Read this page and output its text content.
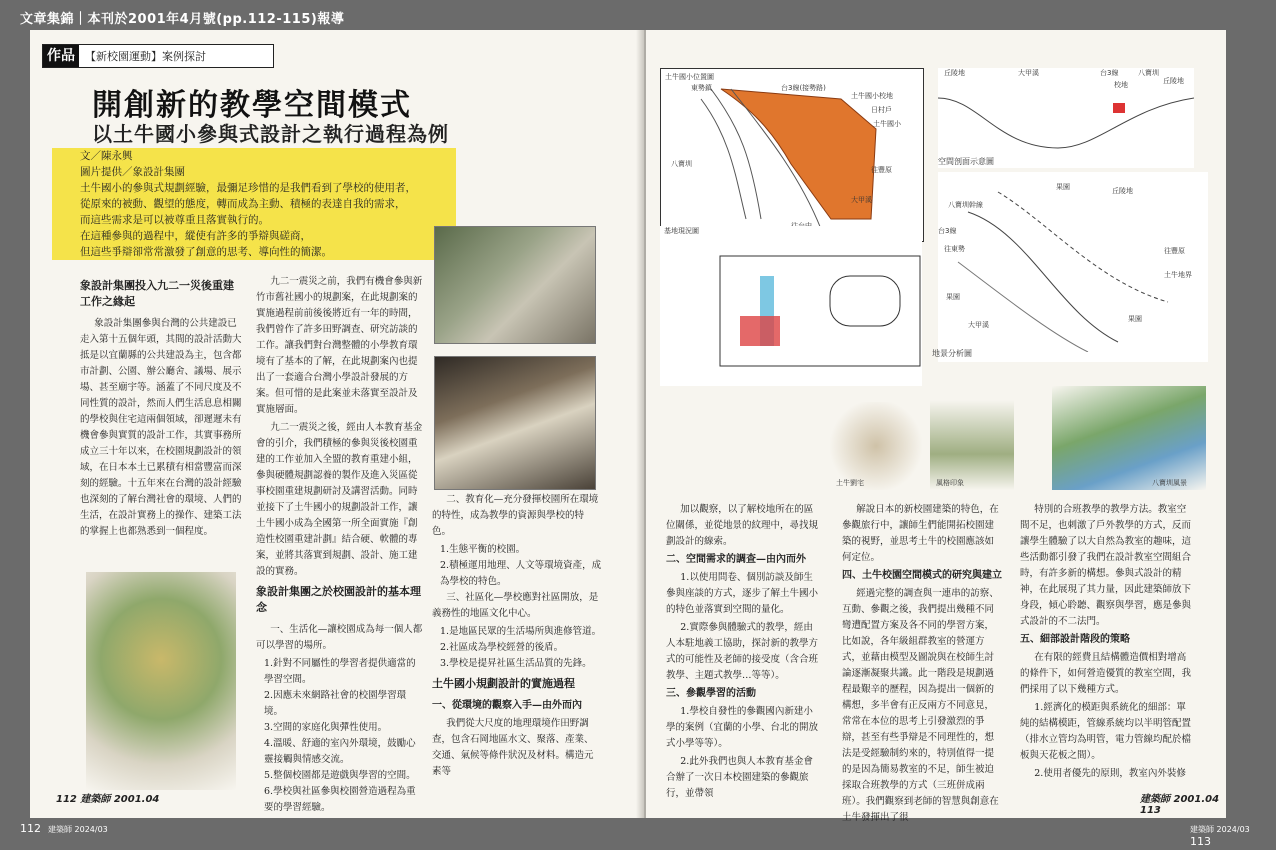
文章集錦｜本刊於2001年4月號(pp.112-115)報導
作品 【新校園運動】案例探討
開創新的教學空間模式
以土牛國小參與式設計之執行過程為例
文／陳永興
圖片提供／象設計集團
土牛國小的參與式規劃經驗，最彌足珍惜的是我們看到了學校的使用者，
從原來的被動、觀望的態度，轉而成為主動、積極的表達自我的需求，
而這些需求是可以被尊重且落實執行的。
在這種參與的過程中，縱使有許多的爭辯與磋商，
但這些爭辯卻常常激發了創意的思考、導向性的簡潔。
象設計集團投入九二一災後重建工作之緣起

象設計集團參與台灣的公共建設已走入第十五個年頭，其間的設計活動大抵是以宜蘭縣的公共建設為主，包含都市計劃、公園、辦公廳舍、議場、展示場、甚至廟宇等。涵蓋了不同尺度及不同性質的設計，然而人們生活息息相關的學校與住宅這兩個領域，卻遲遲未有機會參與實質的設計工作，其實事務所成立三十年以來，在校園規劃設計的領域，在日本本土已累積有相當豐富而深刻的經驗。十五年來在台灣的設計經驗也深刻的了解台灣社會的環境、人們的生活，在設計實務上的操作、建築工法的掌握上也都熟悉到一個程度。

九二一震災之前，我們有機會參與新竹市舊社國小的規劃案，在此規劃案的實施過程前前後後將近有一年的時間，我們曾作了許多田野調查、研究訪談的工作。讓我們對台灣整體的小學教育環境有了基本的了解，在此規劃案內也提出了一套適合台灣小學設計發展的方案。但可惜的是此案並未落實至設計及實施層面。

九二一震災之後，經由人本教育基金會的引介，我們積極的參與災後校園重建的工作並加入全盟的教育重建小組，參與硬體規劃認養的製作及進入災區從事校園重建規劃研討及講習活動。同時並接下了土牛國小的規劃設計工作，讓土牛國小成為全國第一所全面實施『創造性校園重建計劃』結合硬、軟體的專案，並將其落實到規劃、設計、施工建設的實務。

象設計集團之於校園設計的基本理念

一、生活化—讓校園成為每一個人都可以學習的場所。

1.針對不同屬性的學習者提供適當的學習空間。
2.因應未來網路社會的校園學習環境。
3.空間的家庭化與彈性使用。
4.溫暖、舒適的室內外環境，鼓勵心靈接觸與情感交流。
5.整個校園都是遊戲與學習的空間。
6.學校與社區參與校園營造過程為重要的學習經驗。

二、教育化—充分發揮校園所在環境的特性，成為教學的資源與學校的特色。

1.生態平衡的校園。
2.積極運用地理、人文等環境資產，成為學校的特色。

三、社區化—學校應對社區開放，是義務性的地區文化中心。

1.是地區民眾的生活場所與進修管道。
2.社區成為學校經營的後盾。
3.學校是提昇社區生活品質的先鋒。
土牛國小規劃設計的實施過程
一、從環境的觀察入手—由外而內

我們從大尺度的地理環境作田野調查，包含石岡地區水文、聚落、產業、交通、氣候等條件狀況及材料。構造元素等

112 建築師 2001.04
土牛國小位置圖
東勢鎮	台3線(接勢路)
土牛國小校地
日村戶
土牛國小
往豐原
大甲溪
八寶圳
丘陵地	大甲溪	台3線	八寶圳
丘陵地
校地
空間剖面示意圖
果園	丘陵地
八寶圳幹線
台3線
往豐原
往東勢
土牛地界
果園
大甲溪
果園
地景分析圖
基地現況圖
土牛劉宅	風格印象	八寶圳風景

加以觀察，以了解校地所在的區位關係，並從地景的紋理中，尋找規劃設計的線索。

二、空間需求的調查—由內而外

1.以使用問卷、個別訪談及師生參與座談的方式，逐步了解土牛國小的特色並落實到空間的量化。

2.實際參與體驗式的教學，經由人本駐地義工協助，探討新的教學方式的可能性及老師的接受度（含合班教學、主題式教學…等等）。

三、參觀學習的活動

1.學校自發性的參觀國內新建小學的案例（宜蘭的小學、台北的開放式小學等等）。

2.此外我們也與人本教育基金會合辦了一次日本校園建築的參觀旅行，並帶領

解說日本的新校園建築的特色，在參觀旅行中，讓師生們能開拓校園建築的視野，並思考土牛的校園應該如何定位。

四、土牛校園空間模式的研究與建立

經過完整的調查與一連串的訪察、互動、參觀之後，我們提出幾種不同彎遭配置方案及各不同的學習方案，比如說，各年級組群教室的營運方式，並藉由模型及圖說與在校師生討論逐漸凝聚共識。此一階段是規劃過程最艱辛的歷程，因為提出一個新的構想，多半會有正反兩方不同意見，常常在本位的思考上引發激烈的爭辯，甚至有些爭辯是不同理性的，想法是受經驗制約來的，特別值得一提的是因為簡易教室的不足，師生被迫採取合班教學的方式（三班併成兩班）。我們觀察到老師的智慧與創意在土牛發揮出了很

特別的合班教學的教學方法。教室空間不足，也刺激了戶外教學的方式，反而讓學生體驗了以大自然為教室的趣味，這些活動都引發了我們在設計教室空間組合時，有許多新的構想。參與式設計的精神，在此展現了其力量，因此建築師放下身段，傾心聆聽、觀察與學習，應是參與式設計的不二法門。

五、細部設計階段的策略

在有限的經費且結構體造價相對增高的條件下，如何營造優質的教室空間，我們採用了以下幾種方式。

1.經濟化的模距與系統化的細部：單純的結構模距，管線系統均以半明管配置（排水立管均為明管，電力管線均配於檔板與天花板之間）。

2.使用者優先的原則，教室內外裝修

建築師 2001.04 113
112 建築師 2024/03	建築師 2024/03  113
